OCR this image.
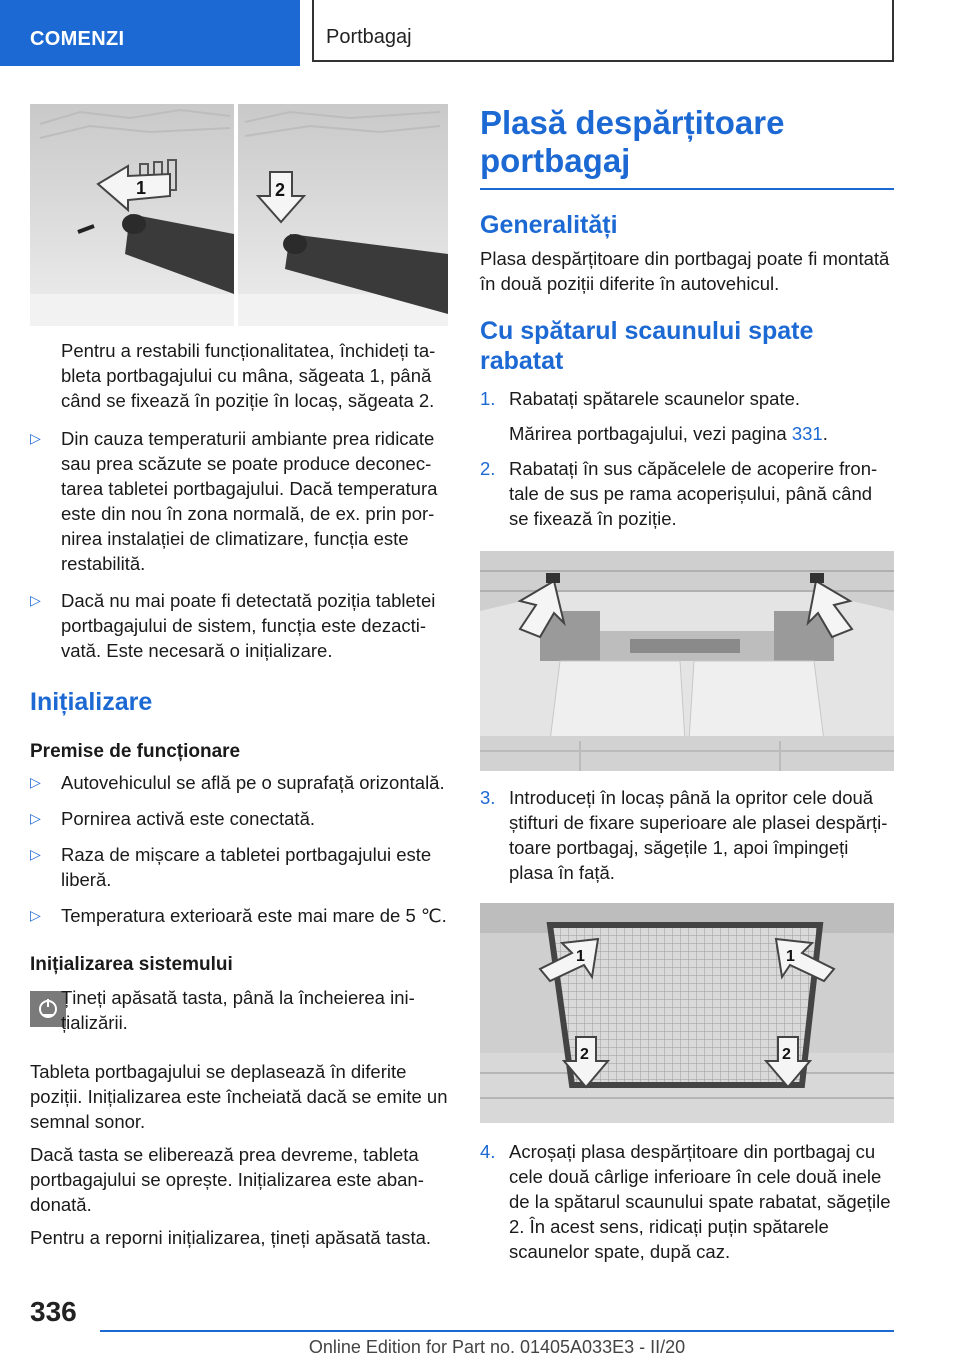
COMENZI	Portbagaj
1	2

Pentru a restabili funcționalitatea, închideți tableta portbagajului cu mâna, săgeata 1, până când se fixează în poziție în locaș, săgeata 2.

▷ Din cauza temperaturii ambiante prea ridicate sau prea scăzute se poate produce deconectarea tabletei portbagajului. Dacă temperatura este din nou în zona normală, de ex. prin pornirea instalației de climatizare, funcția este restabilită.
▷ Dacă nu mai poate fi detectată poziția tabletei portbagajului de sistem, funcția este dezactivată. Este necesară o inițializare.
Inițializare
Premise de funcționare
▷ Autovehiculul se află pe o suprafață orizontală.
▷ Pornirea activă este conectată.
▷ Raza de mișcare a tabletei portbagajului este liberă.
▷ Temperatura exterioară este mai mare de 5 ℃.
Inițializarea sistemului

Țineți apăsată tasta, până la încheierea inițializării.

Tableta portbagajului se deplasează în diferite poziții. Inițializarea este încheiată dacă se emite un semnal sonor.

Dacă tasta se eliberează prea devreme, tableta portbagajului se oprește. Inițializarea este abandonată.

Pentru a reporni inițializarea, țineți apăsată tasta.

Plasă despărțitoare portbagaj
Generalități

Plasa despărțitoare din portbagaj poate fi montată în două poziții diferite în autovehicul.

Cu spătarul scaunului spate rabatat
1. Rabatați spătarele scaunelor spate.

Mărirea portbagajului, vezi pagina 331.

2. Rabatați în sus căpăcelele de acoperire frontale de sus pe rama acoperișului, până când se fixează în poziție.
3. Introduceți în locaș până la opritor cele două știfturi de fixare superioare ale plasei despărțitoare portbagaj, săgețile 1, apoi împingeți plasa în față.
1	1
2	2
4. Acroșați plasa despărțitoare din portbagaj cu cele două cârlige inferioare în cele două inele de la spătarul scaunului spate rabatat, săgețile 2. În acest sens, ridicați puțin spătarele scaunelor spate, după caz.
336
Online Edition for Part no. 01405A033E3 - II/20
